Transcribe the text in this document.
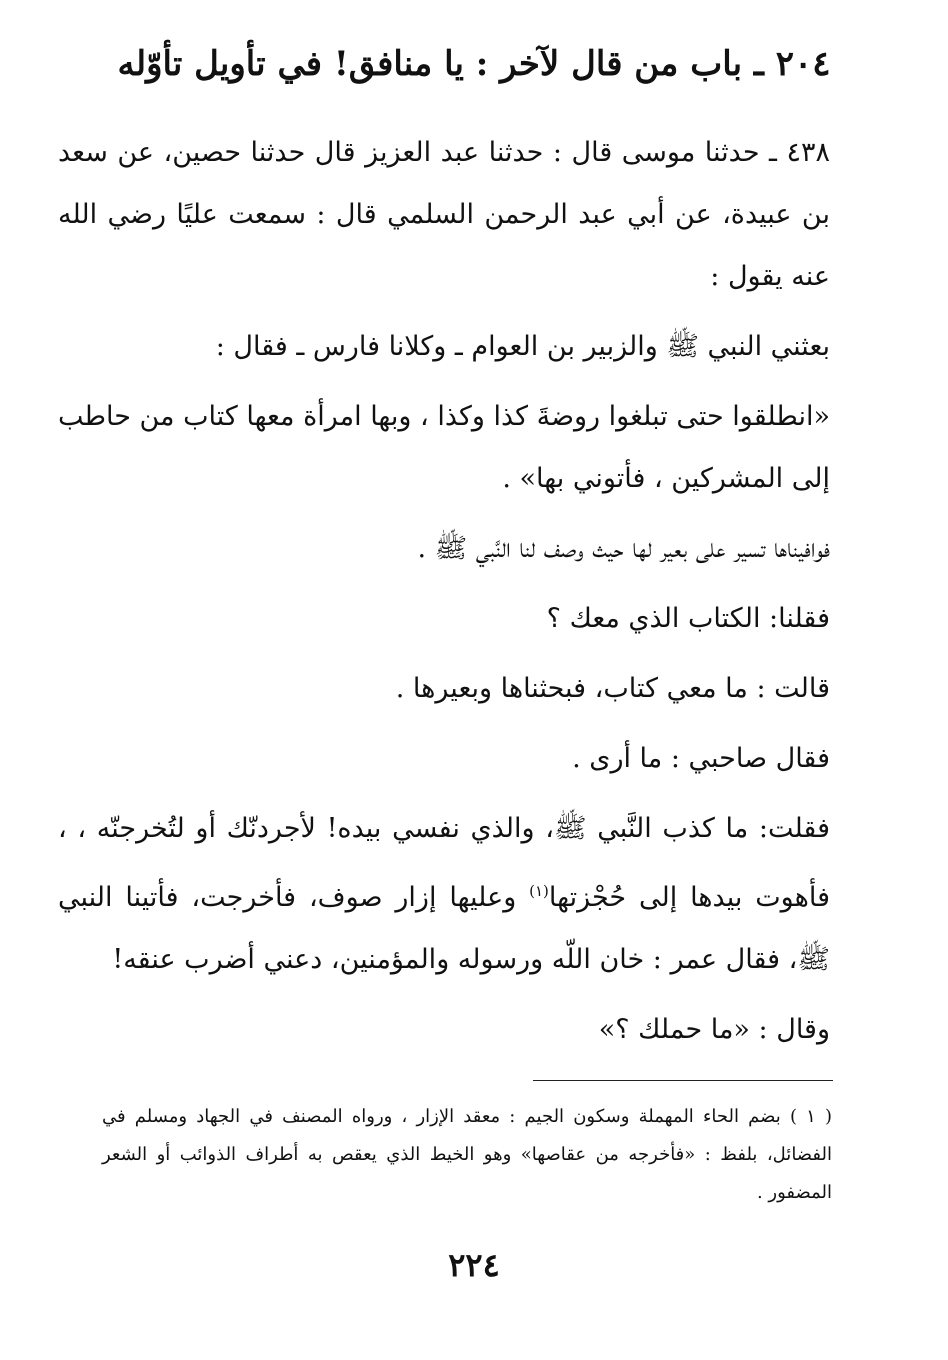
٢٠٤ ـ باب من قال لآخر : يا منافق! في تأويل تأوّله

٤٣٨ ـ حدثنا موسى قال : حدثنا عبد العزيز قال حدثنا حصين، عن سعد بن عبيدة، عن أبي عبد الرحمن السلمي قال : سمعت عليًا رضي الله عنه يقول :

بعثني النبي ﷺ والزبير بن العوام ـ وكلانا فارس ـ فقال :

«انطلقوا حتى تبلغوا روضةَ كذا وكذا ، وبها امرأة معها كتاب من حاطب إلى المشركين ، فأتوني بها» .

فوافيناها تسير على بعير لها حيث وصف لنا النَّبي ﷺ .

فقلنا: الكتاب الذي معك ؟

قالت : ما معي كتاب، فبحثناها وبعيرها .

فقال صاحبي : ما أرى .

فقلت: ما كذب النَّبي ﷺ، والذي نفسي بيده! لأجردنّك أو لتُخرجنّه ، ، فأهوت بيدها إلى حُجْزتها$^{(١)}$ وعليها إزار صوف، فأخرجت، فأتينا النبي ﷺ، فقال عمر : خان اللّه ورسوله والمؤمنين، دعني أضرب عنقه!

وقال : «ما حملك ؟»

( ١ ) بضم الحاء المهملة وسكون الجيم : معقد الإزار ، ورواه المصنف في الجهاد ومسلم في الفضائل، بلفظ : «فأخرجه من عقاصها» وهو الخيط الذي يعقص به أطراف الذوائب أو الشعر المضفور .
٢٢٤
